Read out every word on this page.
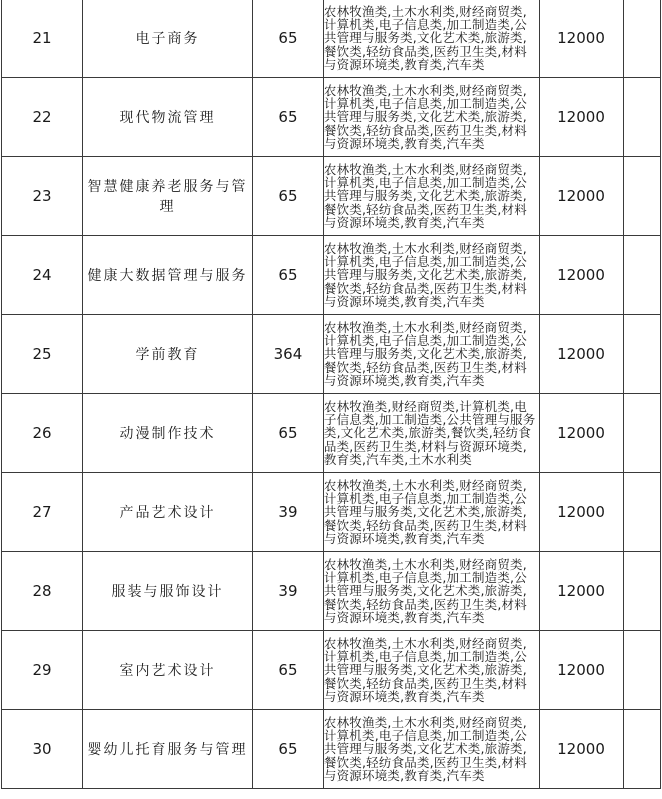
21	电子商务	65	农林牧渔类,土木水利类,财经商贸类,计算机类,电子信息类,加工制造类,公共管理与服务类,文化艺术类,旅游类,餐饮类,轻纺食品类,医药卫生类,材料与资源环境类,教育类,汽车类	12000	
22	现代物流管理	65	农林牧渔类,土木水利类,财经商贸类,计算机类,电子信息类,加工制造类,公共管理与服务类,文化艺术类,旅游类,餐饮类,轻纺食品类,医药卫生类,材料与资源环境类,教育类,汽车类	12000	
23	智慧健康养老服务与管理	65	农林牧渔类,土木水利类,财经商贸类,计算机类,电子信息类,加工制造类,公共管理与服务类,文化艺术类,旅游类,餐饮类,轻纺食品类,医药卫生类,材料与资源环境类,教育类,汽车类	12000	
24	健康大数据管理与服务	65	农林牧渔类,土木水利类,财经商贸类,计算机类,电子信息类,加工制造类,公共管理与服务类,文化艺术类,旅游类,餐饮类,轻纺食品类,医药卫生类,材料与资源环境类,教育类,汽车类	12000	
25	学前教育	364	农林牧渔类,土木水利类,财经商贸类,计算机类,电子信息类,加工制造类,公共管理与服务类,文化艺术类,旅游类,餐饮类,轻纺食品类,医药卫生类,材料与资源环境类,教育类,汽车类	12000	
26	动漫制作技术	65	农林牧渔类,财经商贸类,计算机类,电子信息类,加工制造类,公共管理与服务类,文化艺术类,旅游类,餐饮类,轻纺食品类,医药卫生类,材料与资源环境类,教育类,汽车类,土木水利类	12000	
27	产品艺术设计	39	农林牧渔类,土木水利类,财经商贸类,计算机类,电子信息类,加工制造类,公共管理与服务类,文化艺术类,旅游类,餐饮类,轻纺食品类,医药卫生类,材料与资源环境类,教育类,汽车类	12000	
28	服装与服饰设计	39	农林牧渔类,土木水利类,财经商贸类,计算机类,电子信息类,加工制造类,公共管理与服务类,文化艺术类,旅游类,餐饮类,轻纺食品类,医药卫生类,材料与资源环境类,教育类,汽车类	12000	
29	室内艺术设计	65	农林牧渔类,土木水利类,财经商贸类,计算机类,电子信息类,加工制造类,公共管理与服务类,文化艺术类,旅游类,餐饮类,轻纺食品类,医药卫生类,材料与资源环境类,教育类,汽车类	12000	
30	婴幼儿托育服务与管理	65	农林牧渔类,土木水利类,财经商贸类,计算机类,电子信息类,加工制造类,公共管理与服务类,文化艺术类,旅游类,餐饮类,轻纺食品类,医药卫生类,材料与资源环境类,教育类,汽车类	12000	
